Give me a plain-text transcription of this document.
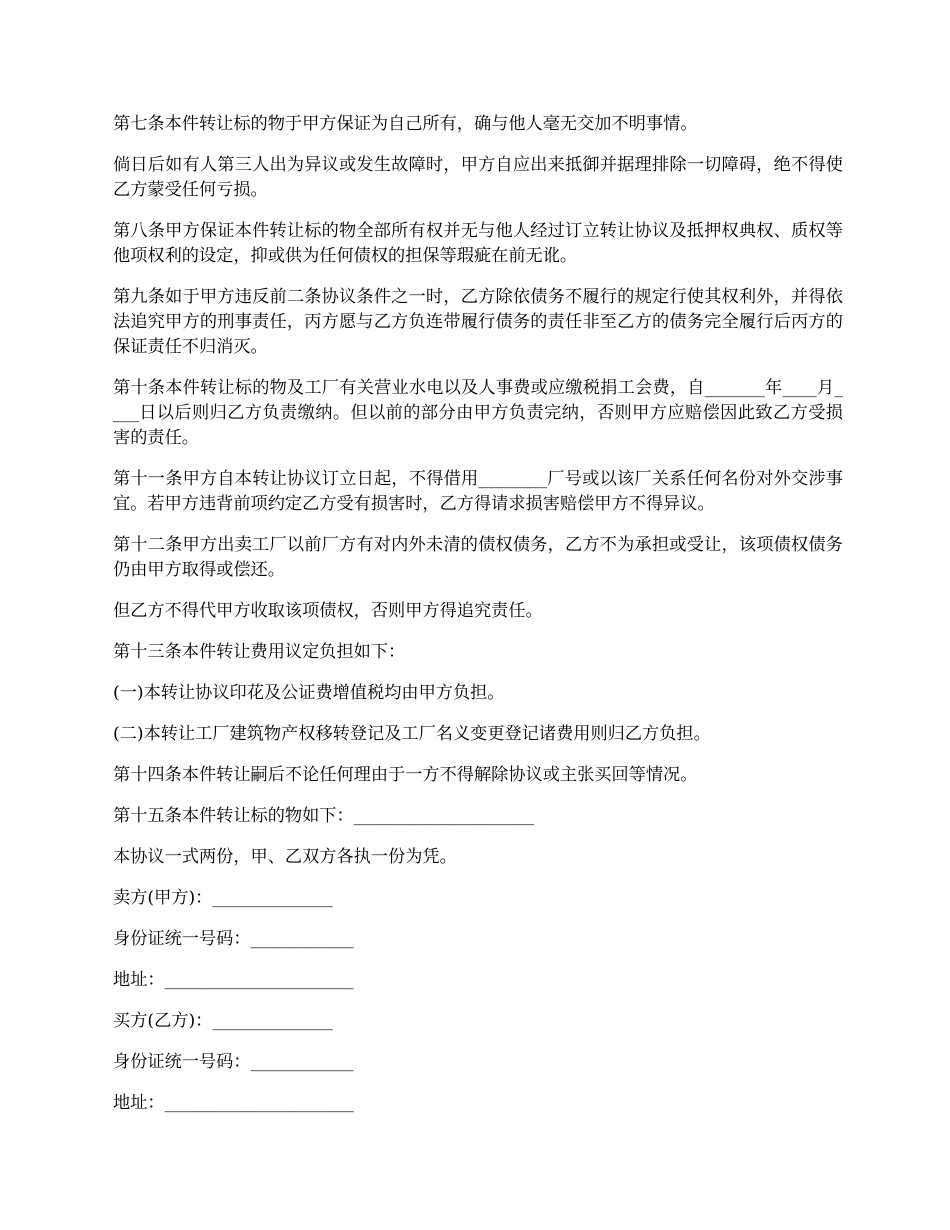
第七条本件转让标的物于甲方保证为自己所有，确与他人毫无交加不明事情。

倘日后如有人第三人出为异议或发生故障时，甲方自应出来抵御并据理排除一切障碍，绝不得使乙方蒙受任何亏损。

第八条甲方保证本件转让标的物全部所有权并无与他人经过订立转让协议及抵押权典权、质权等他项权利的设定，抑或供为任何债权的担保等瑕疵在前无讹。

第九条如于甲方违反前二条协议条件之一时，乙方除依债务不履行的规定行使其权利外，并得依法追究甲方的刑事责任，丙方愿与乙方负连带履行债务的责任非至乙方的债务完全履行后丙方的保证责任不归消灭。

第十条本件转让标的物及工厂有关营业水电以及人事费或应缴税捐工会费，自_______年____月____日以后则归乙方负责缴纳。但以前的部分由甲方负责完纳，否则甲方应赔偿因此致乙方受损害的责任。

第十一条甲方自本转让协议订立日起，不得借用________厂号或以该厂关系任何名份对外交涉事宜。若甲方违背前项约定乙方受有损害时，乙方得请求损害赔偿甲方不得异议。

第十二条甲方出卖工厂以前厂方有对内外未清的债权债务，乙方不为承担或受让，该项债权债务仍由甲方取得或偿还。

但乙方不得代甲方收取该项债权，否则甲方得追究责任。

第十三条本件转让费用议定负担如下：

(一)本转让协议印花及公证费增值税均由甲方负担。

(二)本转让工厂建筑物产权移转登记及工厂名义变更登记诸费用则归乙方负担。

第十四条本件转让嗣后不论任何理由于一方不得解除协议或主张买回等情况。

第十五条本件转让标的物如下：_____________________

本协议一式两份，甲、乙双方各执一份为凭。

卖方(甲方)：______________

身份证统一号码：____________

地址：______________________

买方(乙方)：______________

身份证统一号码：____________

地址：______________________
